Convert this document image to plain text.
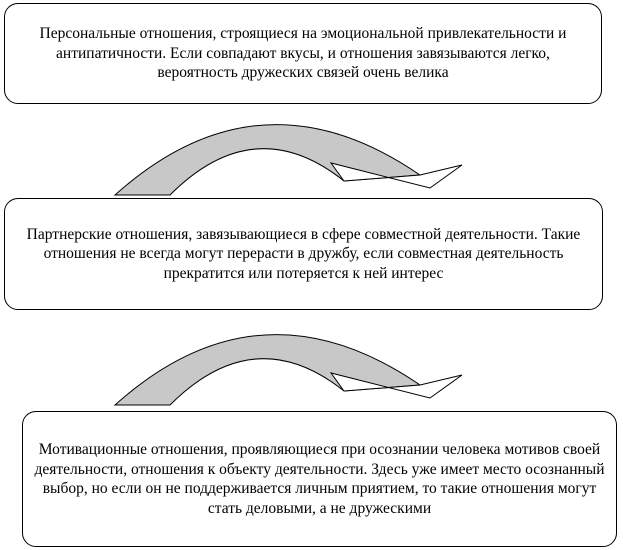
Персональные отношения, строящиеся на эмоциональной привлекательности и антипатичности. Если совпадают вкусы, и отношения завязываются легко, вероятность дружеских связей очень велика
Партнерские отношения, завязывающиеся в сфере совместной деятельности. Такие отношения не всегда могут перерасти в дружбу, если совместная деятельность прекратится или потеряется к ней интерес
Мотивационные отношения, проявляющиеся при осознании человека мотивов своей деятельности, отношения к объекту деятельности. Здесь уже имеет место осознанный выбор, но если он не поддерживается личным приятием, то такие отношения могут стать деловыми, а не дружескими
